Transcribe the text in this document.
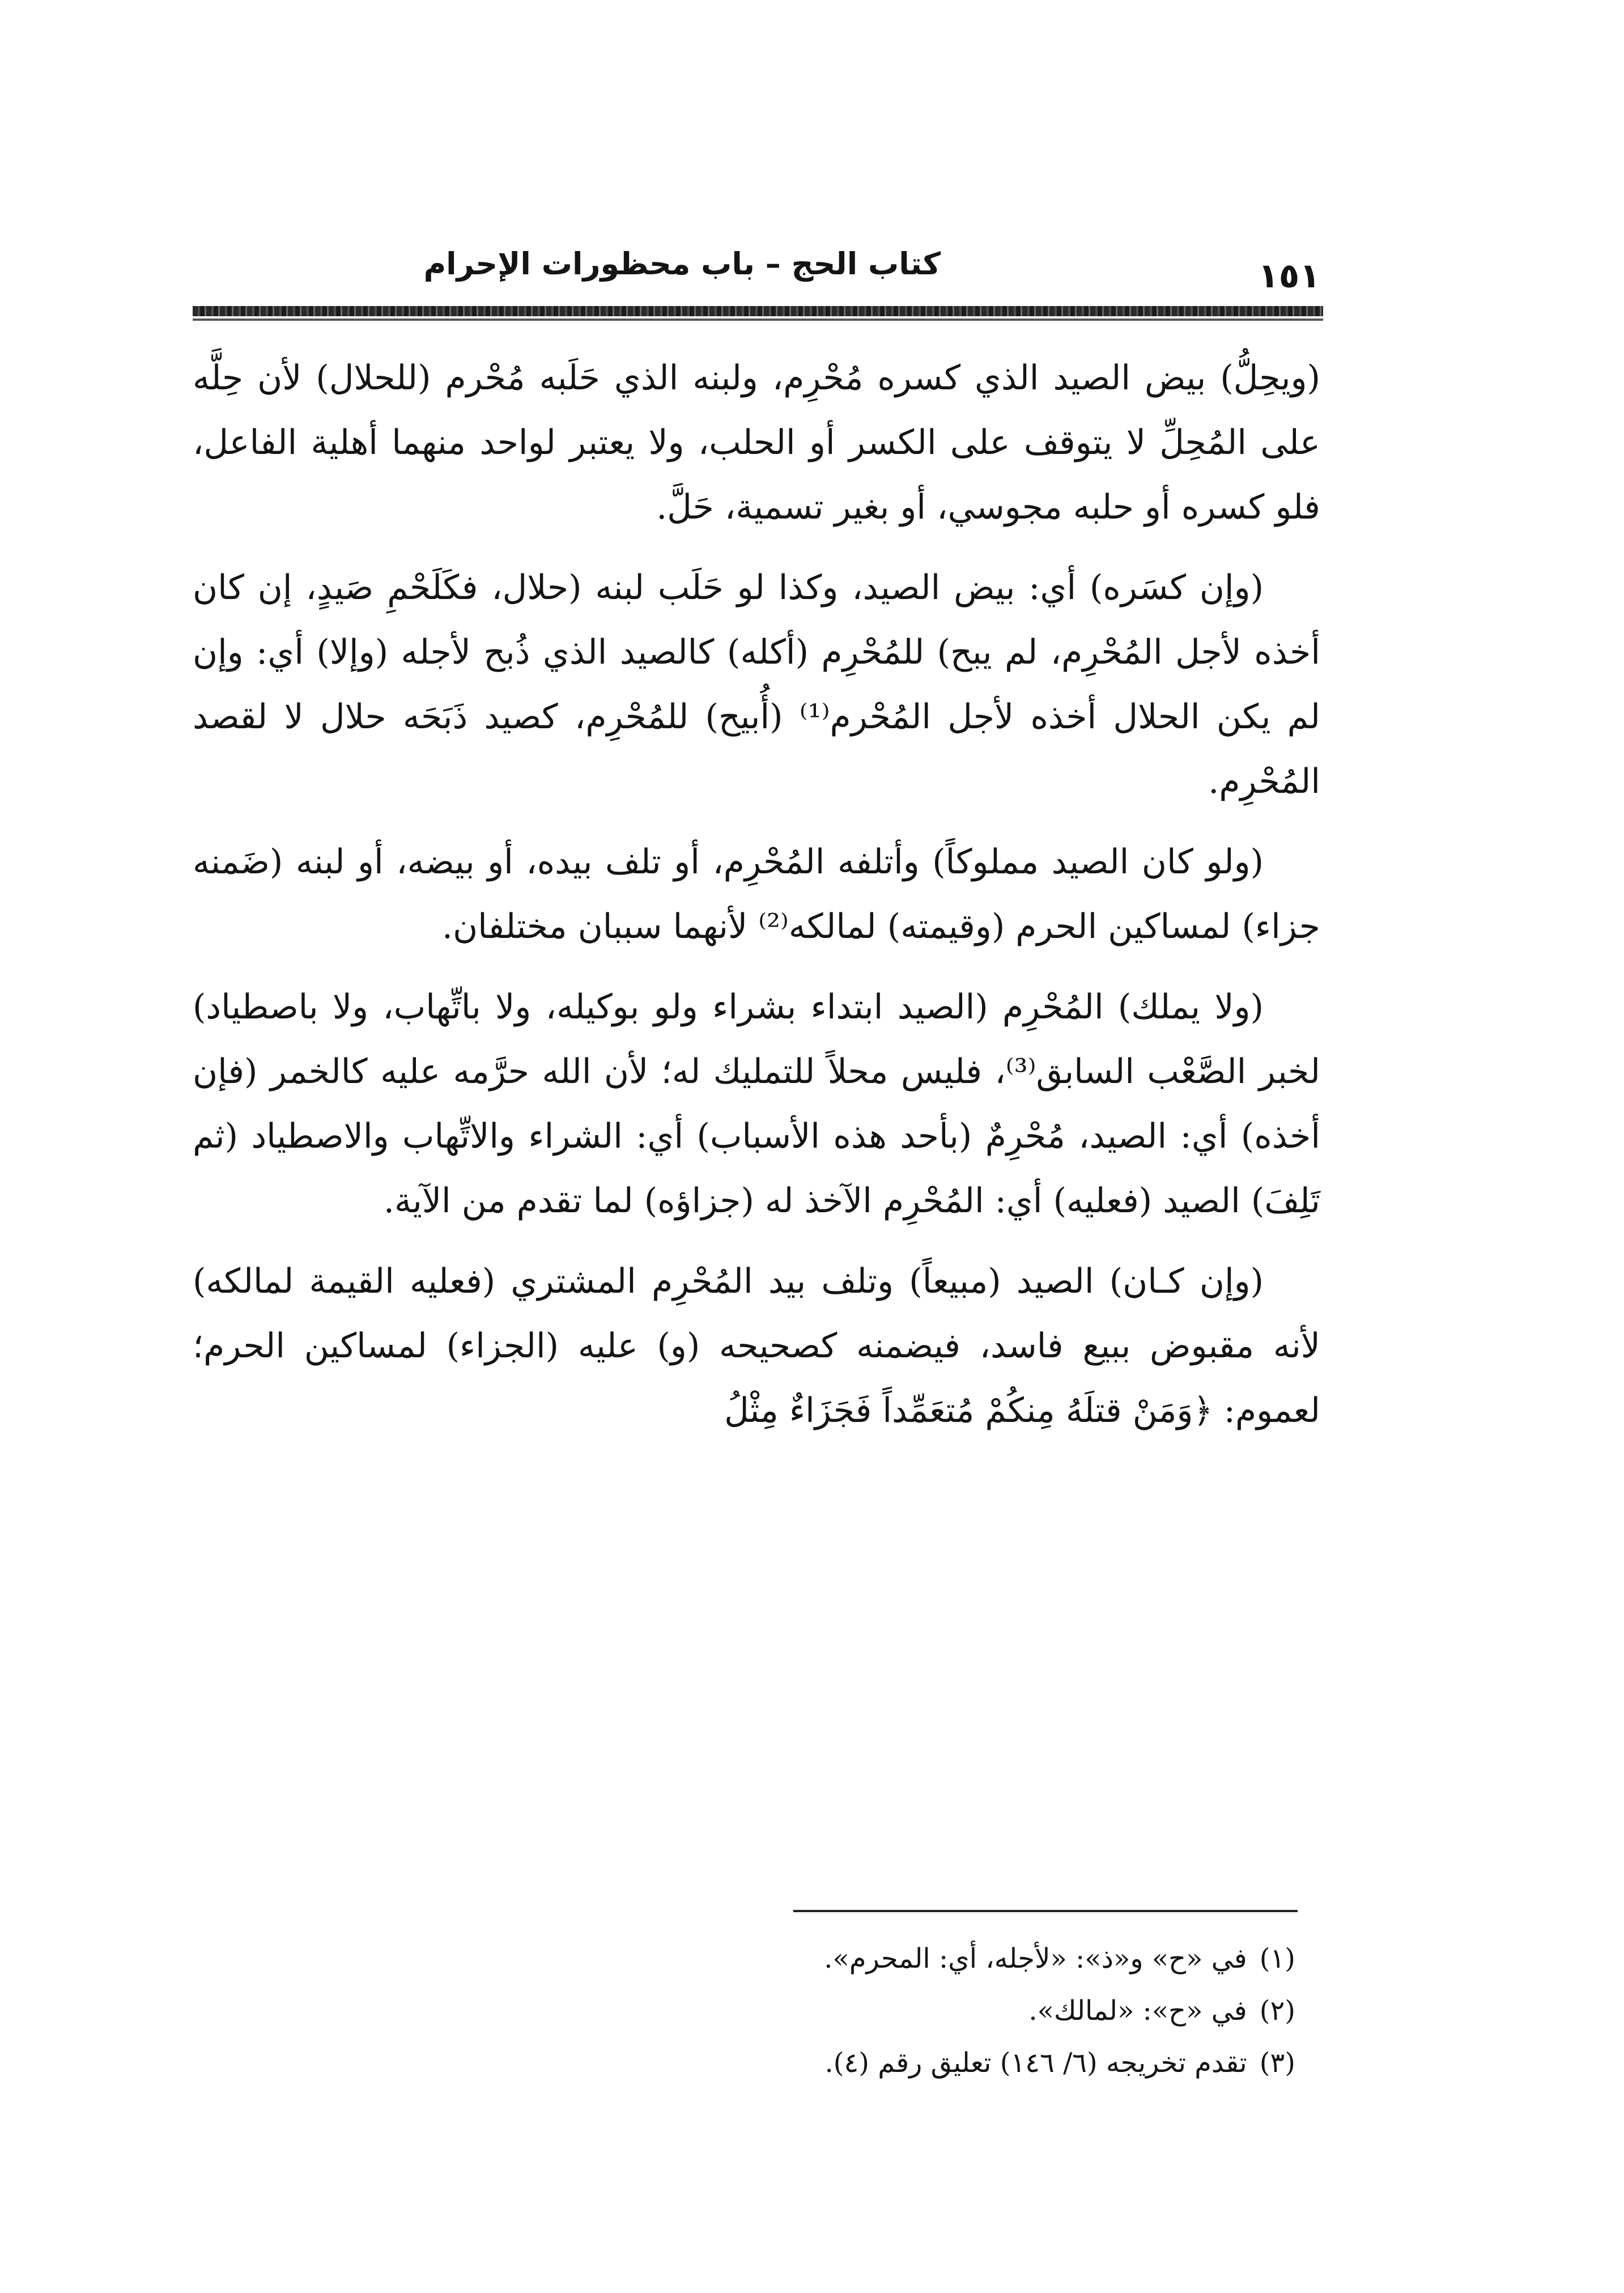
كتاب الحج – باب محظورات الإحرام	١٥١

(ويحِلُّ) بيض الصيد الذي كسره مُحْرِم، ولبنه الذي حَلَبه مُحْرم (للحلال) لأن حِلَّه على المُحِلِّ لا يتوقف على الكسر أو الحلب، ولا يعتبر لواحد منهما أهلية الفاعل، فلو كسره أو حلبه مجوسي، أو بغير تسمية، حَلَّ.

(وإن كسَره) أي: بيض الصيد، وكذا لو حَلَب لبنه (حلال، فكَلَحْمِ صَيدٍ، إن كان أخذه لأجل المُحْرِم، لم يبح) للمُحْرِم (أكله) كالصيد الذي ذُبح لأجله (وإلا) أي: وإن لم يكن الحلال أخذه لأجل المُحْرم⁽¹⁾ (أُبيح) للمُحْرِم، كصيد ذَبَحَه حلال لا لقصد المُحْرِم.

(ولو كان الصيد مملوكاً) وأتلفه المُحْرِم، أو تلف بيده، أو بيضه، أو لبنه (ضَمنه جزاء) لمساكين الحرم (وقيمته) لمالكه⁽²⁾ لأنهما سببان مختلفان.

(ولا يملك) المُحْرِم (الصيد ابتداء بشراء ولو بوكيله، ولا باتِّهاب، ولا باصطياد) لخبر الصَّعْب السابق⁽³⁾، فليس محلاً للتمليك له؛ لأن الله حرَّمه عليه كالخمر (فإن أخذه) أي: الصيد، مُحْرِمٌ (بأحد هذه الأسباب) أي: الشراء والاتِّهاب والاصطياد (ثم تَلِفَ) الصيد (فعليه) أي: المُحْرِم الآخذ له (جزاؤه) لما تقدم من الآية.

(وإن كـان) الصيد (مبيعاً) وتلف بيد المُحْرِم المشتري (فعليه القيمة لمالكه) لأنه مقبوض ببيع فاسد، فيضمنه كصحيحه (و) عليه (الجزاء) لمساكين الحرم؛ لعموم: ﴿وَمَنْ قتلَهُ مِنكُمْ مُتعَمِّداً فَجَزَاءٌ مِثْلُ

(١)في «ح» و«ذ»: «لأجله، أي: المحرم».
(٢)في «ح»: «لمالك».
(٣)تقدم تخريجه (٦/ ١٤٦) تعليق رقم (٤).
